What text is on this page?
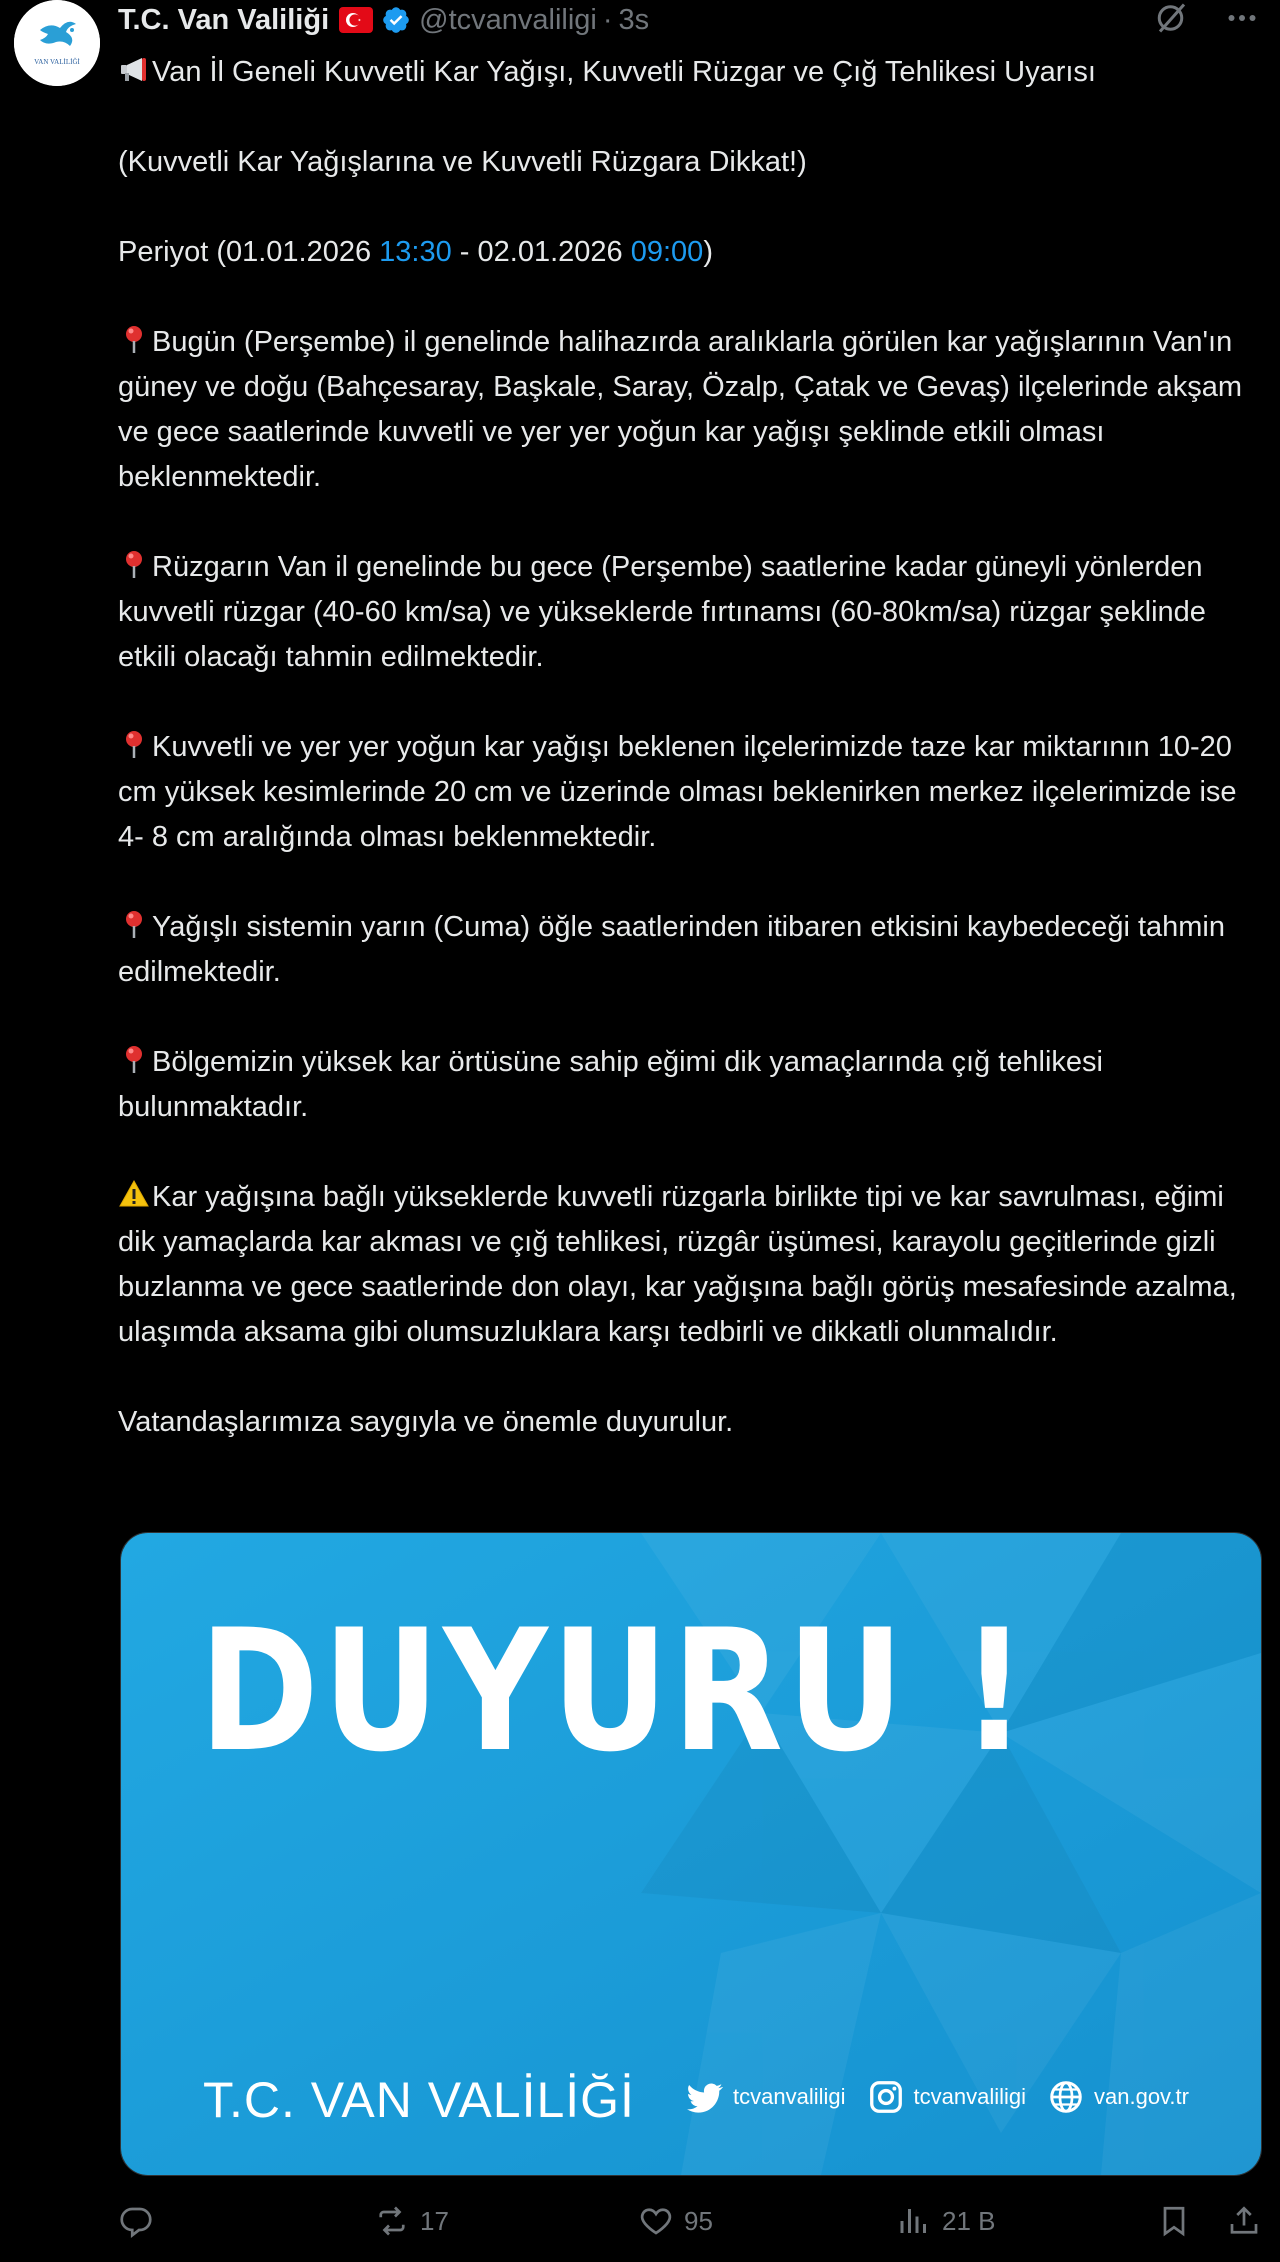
VAN VALİLİĞİ
T.C. Van Valiliği	@tcvanvaliligi · 3s

Van İl Geneli Kuvvetli Kar Yağışı, Kuvvetli Rüzgar ve Çığ Tehlikesi Uyarısı

(Kuvvetli Kar Yağışlarına ve Kuvvetli Rüzgara Dikkat!)

Periyot (01.01.2026 13:30 - 02.01.2026 09:00)

Bugün (Perşembe) il genelinde halihazırda aralıklarla görülen kar yağışlarının Van'ın güney ve doğu (Bahçesaray, Başkale, Saray, Özalp, Çatak ve Gevaş) ilçelerinde akşam ve gece saatlerinde kuvvetli ve yer yer yoğun kar yağışı şeklinde etkili olması beklenmektedir.

Rüzgarın Van il genelinde bu gece (Perşembe) saatlerine kadar güneyli yönlerden kuvvetli rüzgar (40-60 km/sa) ve yükseklerde fırtınamsı (60-80km/sa) rüzgar şeklinde etkili olacağı tahmin edilmektedir.

Kuvvetli ve yer yer yoğun kar yağışı beklenen ilçelerimizde taze kar miktarının 10-20 cm yüksek kesimlerinde 20 cm ve üzerinde olması beklenirken merkez ilçelerimizde ise 4- 8 cm aralığında olması beklenmektedir.

Yağışlı sistemin yarın (Cuma) öğle saatlerinden itibaren etkisini kaybedeceği tahmin edilmektedir.

Bölgemizin yüksek kar örtüsüne sahip eğimi dik yamaçlarında çığ tehlikesi bulunmaktadır.

Kar yağışına bağlı yükseklerde kuvvetli rüzgarla birlikte tipi ve kar savrulması, eğimi dik yamaçlarda kar akması ve çığ tehlikesi, rüzgâr üşümesi, karayolu geçitlerinde gizli buzlanma ve gece saatlerinde don olayı, kar yağışına bağlı görüş mesafesinde azalma, ulaşımda aksama gibi olumsuzluklara karşı tedbirli ve dikkatli olunmalıdır.

Vatandaşlarımıza saygıyla ve önemle duyurulur.

DUYURU !
T.C. VAN VALİLİĞİ	tcvanvaliligi	tcvanvaliligi	van.gov.tr
17	95	21 B
